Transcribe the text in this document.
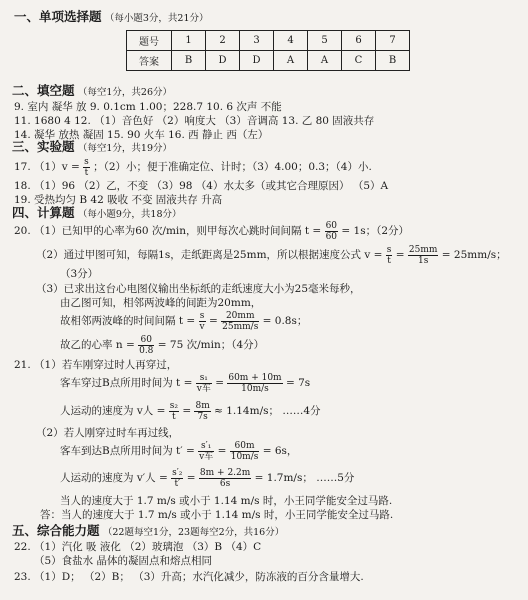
一、单项选择题 （每小题3分，共21分）
题号	1	2	3	4	5	6	7
答案	B	D	D	A	A	C	B
二、填空题 （每空1分，共26分）
9. 室内 凝华 放 9. 0.1cm 1.00；228.7 10. 6 次声 不能
11. 1680 4 12. （1）音色好 （2）响度大 （3）音调高 13. 乙 80 固液共存
14. 凝华 放热 凝固 15. 90 火车 16. 西 静止 西（左）
三、实验题 （每空1分，共19分）
17. $(1)v = \frac{s}{t}$ ；（2）小；便于准确定位、计时；（3）4.00；0.3；（4）小.
18. （1）96 （2）乙，不变 （3）98 （4）水太多（或其它合理原因） （5）A
19. 受热均匀 B 42 吸收 不变 固液共存 升高
四、计算题 （每小题9分，共18分）
20. （1）已知甲的心率为60 次/min，则甲每次心跳时间间隔 $t = \frac{60}{60} = 1s$；（2分）
（2）通过甲图可知，每隔1s，走纸距离是25mm，所以根据速度公式 $v = \frac{s}{t} = \frac{25mm}{1s} = 25mm/s$；
（3分）
（3）已求出这台心电图仪输出坐标纸的走纸速度大小为25毫米每秒，
由乙图可知，相邻两波峰的间距为20mm，
故相邻两波峰的时间间隔 $t = \frac{s}{v} = \frac{20mm}{25mm/s} = 0.8s$；
故乙的心率 $n = \frac{60}{0.8} = 75$ 次/min；（4分）
21. （1）若车刚穿过时人再穿过，
客车穿过B点所用时间为 $t = \frac{\text{s₁}}{\text{v车}} = \frac{60m + 10m}{10m/s} = 7s$
人运动的速度为 v人 = $\frac{\text{s₂}}{t} = \frac{8m}{7s} \approx 1.14m/s$； ……4分
（2）若人刚穿过时车再过线，
客车到达B点所用时间为 $t' = \frac{\text{s′₁}}{\text{v车}} = \frac{60m}{10m/s} = 6s$，
人运动的速度为 v′人 = $\frac{\text{s′₂}}{t'} = \frac{8m + 2.2m}{6s} = 1.7m/s$； ……5分
当人的速度大于 1.7 m/s 或小于 1.14 m/s 时，小王同学能安全过马路.
答：当人的速度大于 1.7 m/s 或小于 1.14 m/s 时，小王同学能安全过马路.
五、综合能力题 （22题每空1分，23题每空2分，共16分）
22. （1）汽化 吸 液化 （2）玻璃泡 （3）B （4）C
（5）食盐水 晶体的凝固点和熔点相同
23. （1）D； （2）B； （3）升高；水汽化减少，防冻液的百分含量增大.
